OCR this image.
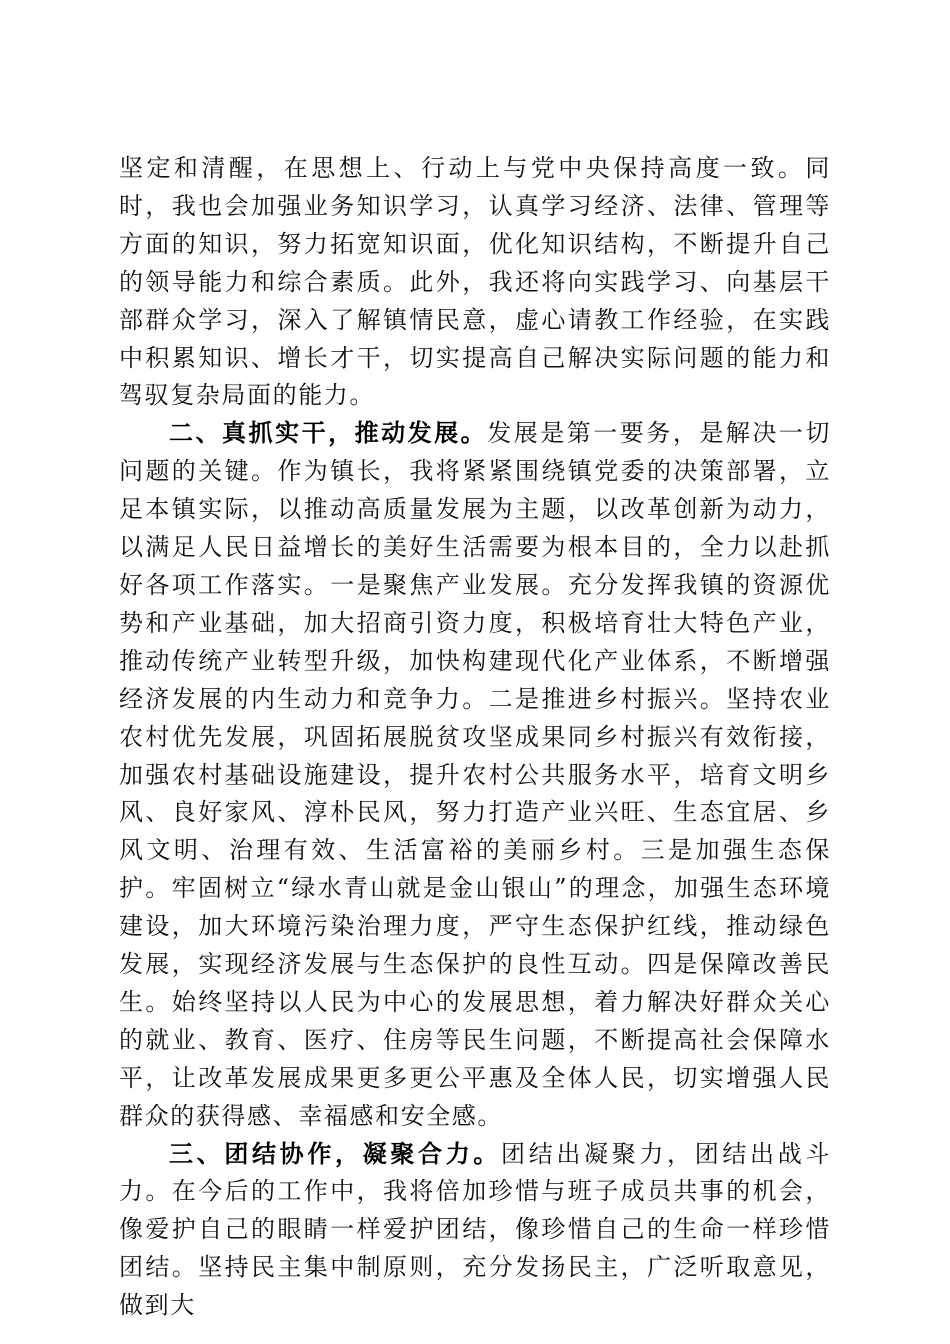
坚定和清醒，在思想上、行动上与党中央保持高度一致。同时，我也会加强业务知识学习，认真学习经济、法律、管理等方面的知识，努力拓宽知识面，优化知识结构，不断提升自己的领导能力和综合素质。此外，我还将向实践学习、向基层干部群众学习，深入了解镇情民意，虚心请教工作经验，在实践中积累知识、增长才干，切实提高自己解决实际问题的能力和驾驭复杂局面的能力。

二、真抓实干，推动发展。发展是第一要务，是解决一切问题的关键。作为镇长，我将紧紧围绕镇党委的决策部署，立足本镇实际，以推动高质量发展为主题，以改革创新为动力，以满足人民日益增长的美好生活需要为根本目的，全力以赴抓好各项工作落实。一是聚焦产业发展。充分发挥我镇的资源优势和产业基础，加大招商引资力度，积极培育壮大特色产业，推动传统产业转型升级，加快构建现代化产业体系，不断增强经济发展的内生动力和竞争力。二是推进乡村振兴。坚持农业农村优先发展，巩固拓展脱贫攻坚成果同乡村振兴有效衔接，加强农村基础设施建设，提升农村公共服务水平，培育文明乡风、良好家风、淳朴民风，努力打造产业兴旺、生态宜居、乡风文明、治理有效、生活富裕的美丽乡村。三是加强生态保护。牢固树立“绿水青山就是金山银山”的理念，加强生态环境建设，加大环境污染治理力度，严守生态保护红线，推动绿色发展，实现经济发展与生态保护的良性互动。四是保障改善民生。始终坚持以人民为中心的发展思想，着力解决好群众关心的就业、教育、医疗、住房等民生问题，不断提高社会保障水平，让改革发展成果更多更公平惠及全体人民，切实增强人民群众的获得感、幸福感和安全感。

三、团结协作，凝聚合力。团结出凝聚力，团结出战斗力。在今后的工作中，我将倍加珍惜与班子成员共事的机会，像爱护自己的眼睛一样爱护团结，像珍惜自己的生命一样珍惜团结。坚持民主集中制原则，充分发扬民主，广泛听取意见，做到大
